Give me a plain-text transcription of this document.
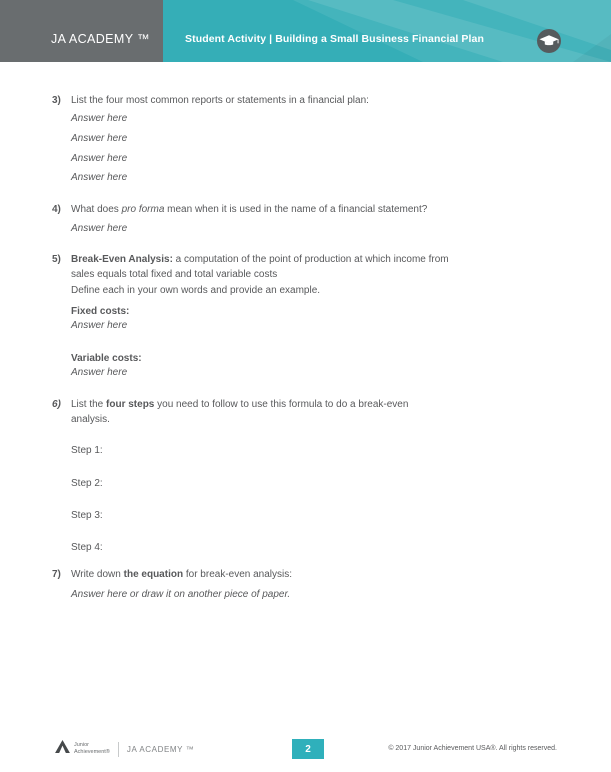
JA ACADEMY ™	Student Activity | Building a Small Business Financial Plan
3) List the four most common reports or statements in a financial plan:
Answer here
Answer here
Answer here
Answer here
4) What does pro forma mean when it is used in the name of a financial statement?
Answer here
5) Break-Even Analysis: a computation of the point of production at which income from sales equals total fixed and total variable costs
Define each in your own words and provide an example.
Fixed costs:
Answer here
Variable costs:
Answer here
6) List the four steps you need to follow to use this formula to do a break-even analysis.
Step 1:
Step 2:
Step 3:
Step 4:
7) Write down the equation for break-even analysis:
Answer here or draw it on another piece of paper.
Junior
Achievement® JA ACADEMY ™	2	© 2017 Junior Achievement USA®. All rights reserved.
